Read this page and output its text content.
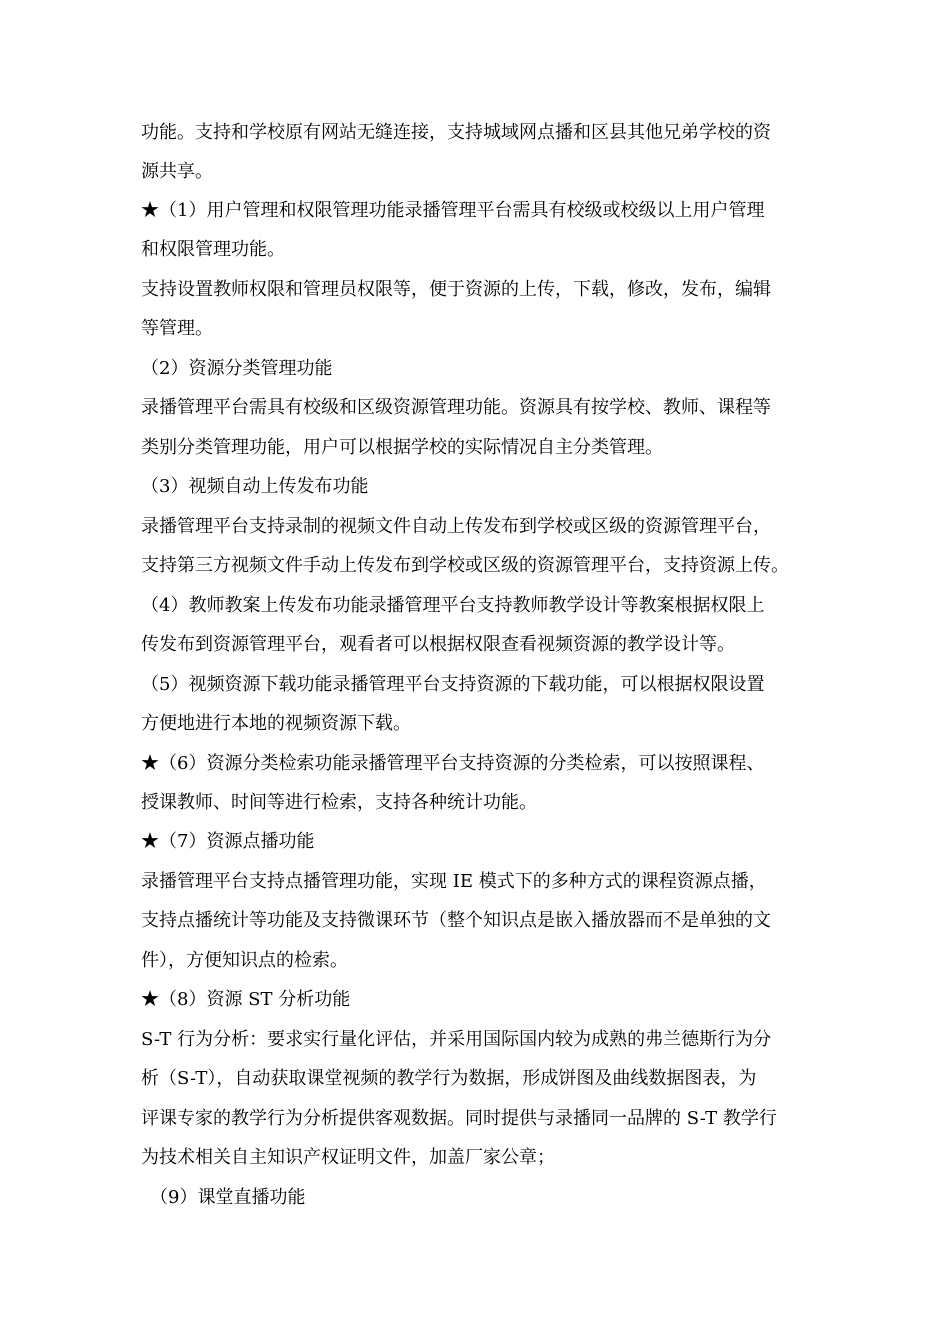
功能。支持和学校原有网站无缝连接，支持城域网点播和区县其他兄弟学校的资
源共享。
★（1）用户管理和权限管理功能录播管理平台需具有校级或校级以上用户管理
和权限管理功能。
支持设置教师权限和管理员权限等，便于资源的上传，下载，修改，发布，编辑
等管理。
（2）资源分类管理功能
录播管理平台需具有校级和区级资源管理功能。资源具有按学校、教师、课程等
类别分类管理功能，用户可以根据学校的实际情况自主分类管理。
（3）视频自动上传发布功能
录播管理平台支持录制的视频文件自动上传发布到学校或区级的资源管理平台，
支持第三方视频文件手动上传发布到学校或区级的资源管理平台，支持资源上传。
（4）教师教案上传发布功能录播管理平台支持教师教学设计等教案根据权限上
传发布到资源管理平台，观看者可以根据权限查看视频资源的教学设计等。
（5）视频资源下载功能录播管理平台支持资源的下载功能，可以根据权限设置
方便地进行本地的视频资源下载。
★（6）资源分类检索功能录播管理平台支持资源的分类检索，可以按照课程、
授课教师、时间等进行检索，支持各种统计功能。
★（7）资源点播功能
录播管理平台支持点播管理功能，实现 IE 模式下的多种方式的课程资源点播，
支持点播统计等功能及支持微课环节（整个知识点是嵌入播放器而不是单独的文
件），方便知识点的检索。
★（8）资源 ST 分析功能
S-T 行为分析：要求实行量化评估，并采用国际国内较为成熟的弗兰德斯行为分
析（S-T），自动获取课堂视频的教学行为数据，形成饼图及曲线数据图表，为
评课专家的教学行为分析提供客观数据。同时提供与录播同一品牌的 S-T 教学行
为技术相关自主知识产权证明文件，加盖厂家公章；
（9）课堂直播功能
